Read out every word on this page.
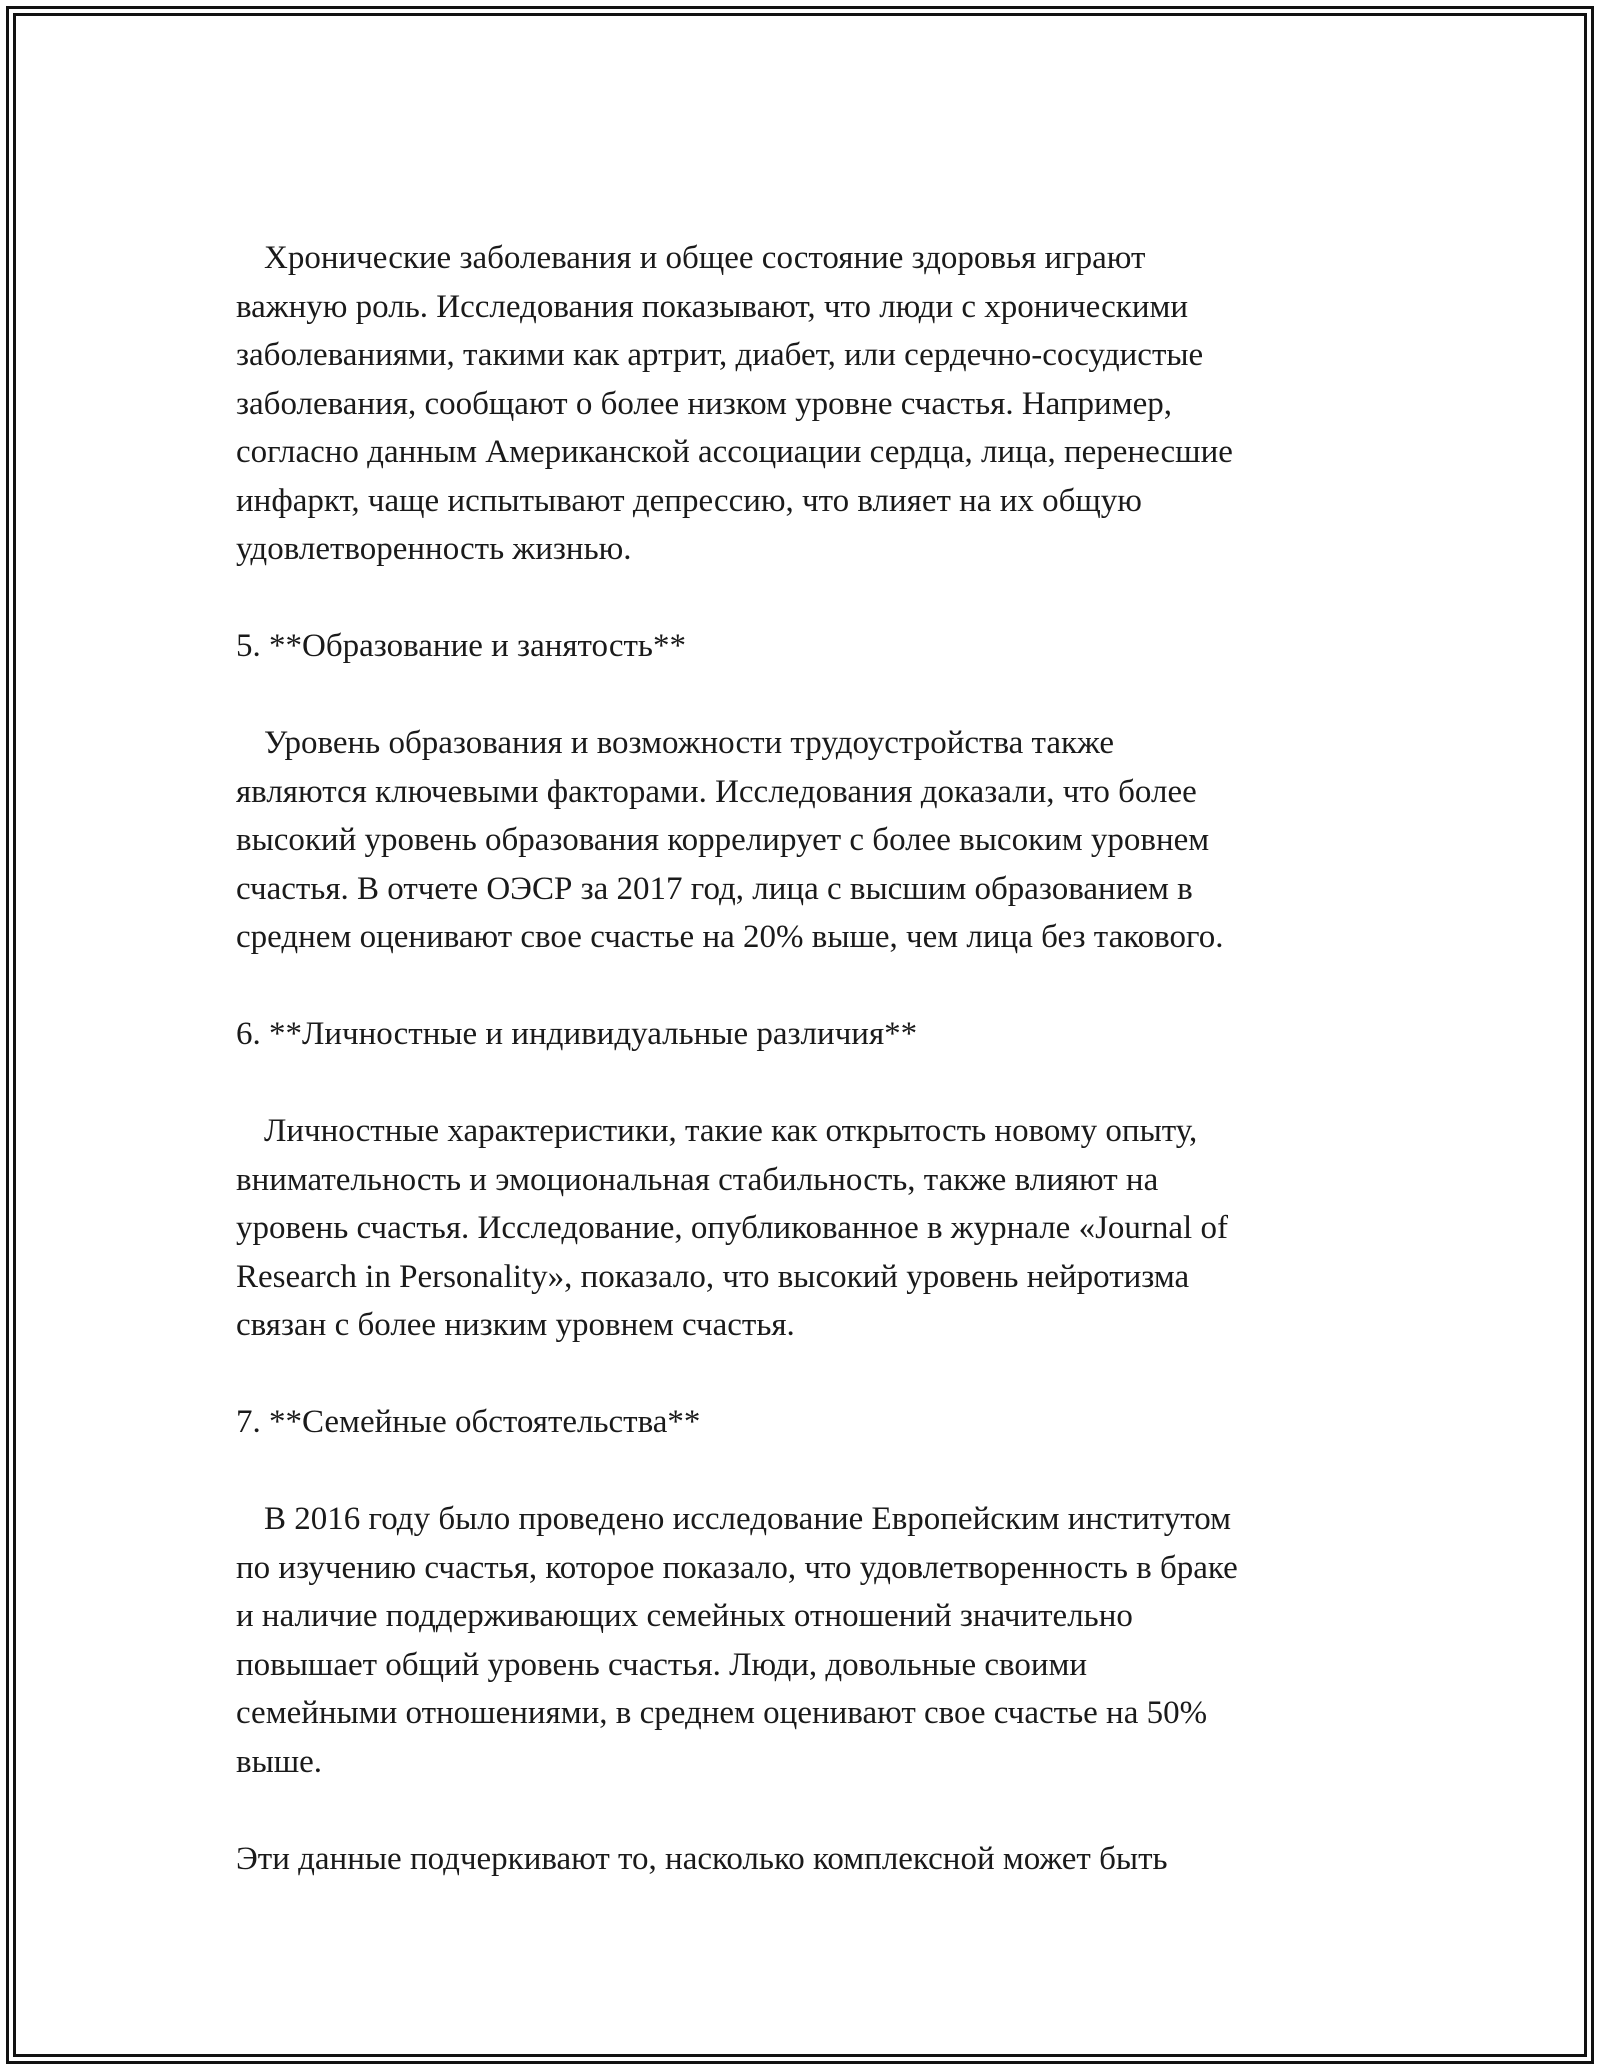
Хронические заболевания и общее состояние здоровья играют

важную роль. Исследования показывают, что люди с хроническими

заболеваниями, такими как артрит, диабет, или сердечно-сосудистые

заболевания, сообщают о более низком уровне счастья. Например,

согласно данным Американской ассоциации сердца, лица, перенесшие

инфаркт, чаще испытывают депрессию, что влияет на их общую

удовлетворенность жизнью.

5. **Образование и занятость**

Уровень образования и возможности трудоустройства также

являются ключевыми факторами. Исследования доказали, что более

высокий уровень образования коррелирует с более высоким уровнем

счастья. В отчете ОЭСР за 2017 год, лица с высшим образованием в

среднем оценивают свое счастье на 20% выше, чем лица без такового.

6. **Личностные и индивидуальные различия**

Личностные характеристики, такие как открытость новому опыту,

внимательность и эмоциональная стабильность, также влияют на

уровень счастья. Исследование, опубликованное в журнале «Journal of

Research in Personality», показало, что высокий уровень нейротизма

связан с более низким уровнем счастья.

7. **Семейные обстоятельства**

В 2016 году было проведено исследование Европейским институтом

по изучению счастья, которое показало, что удовлетворенность в браке

и наличие поддерживающих семейных отношений значительно

повышает общий уровень счастья. Люди, довольные своими

семейными отношениями, в среднем оценивают свое счастье на 50%

выше.

Эти данные подчеркивают то, насколько комплексной может быть
